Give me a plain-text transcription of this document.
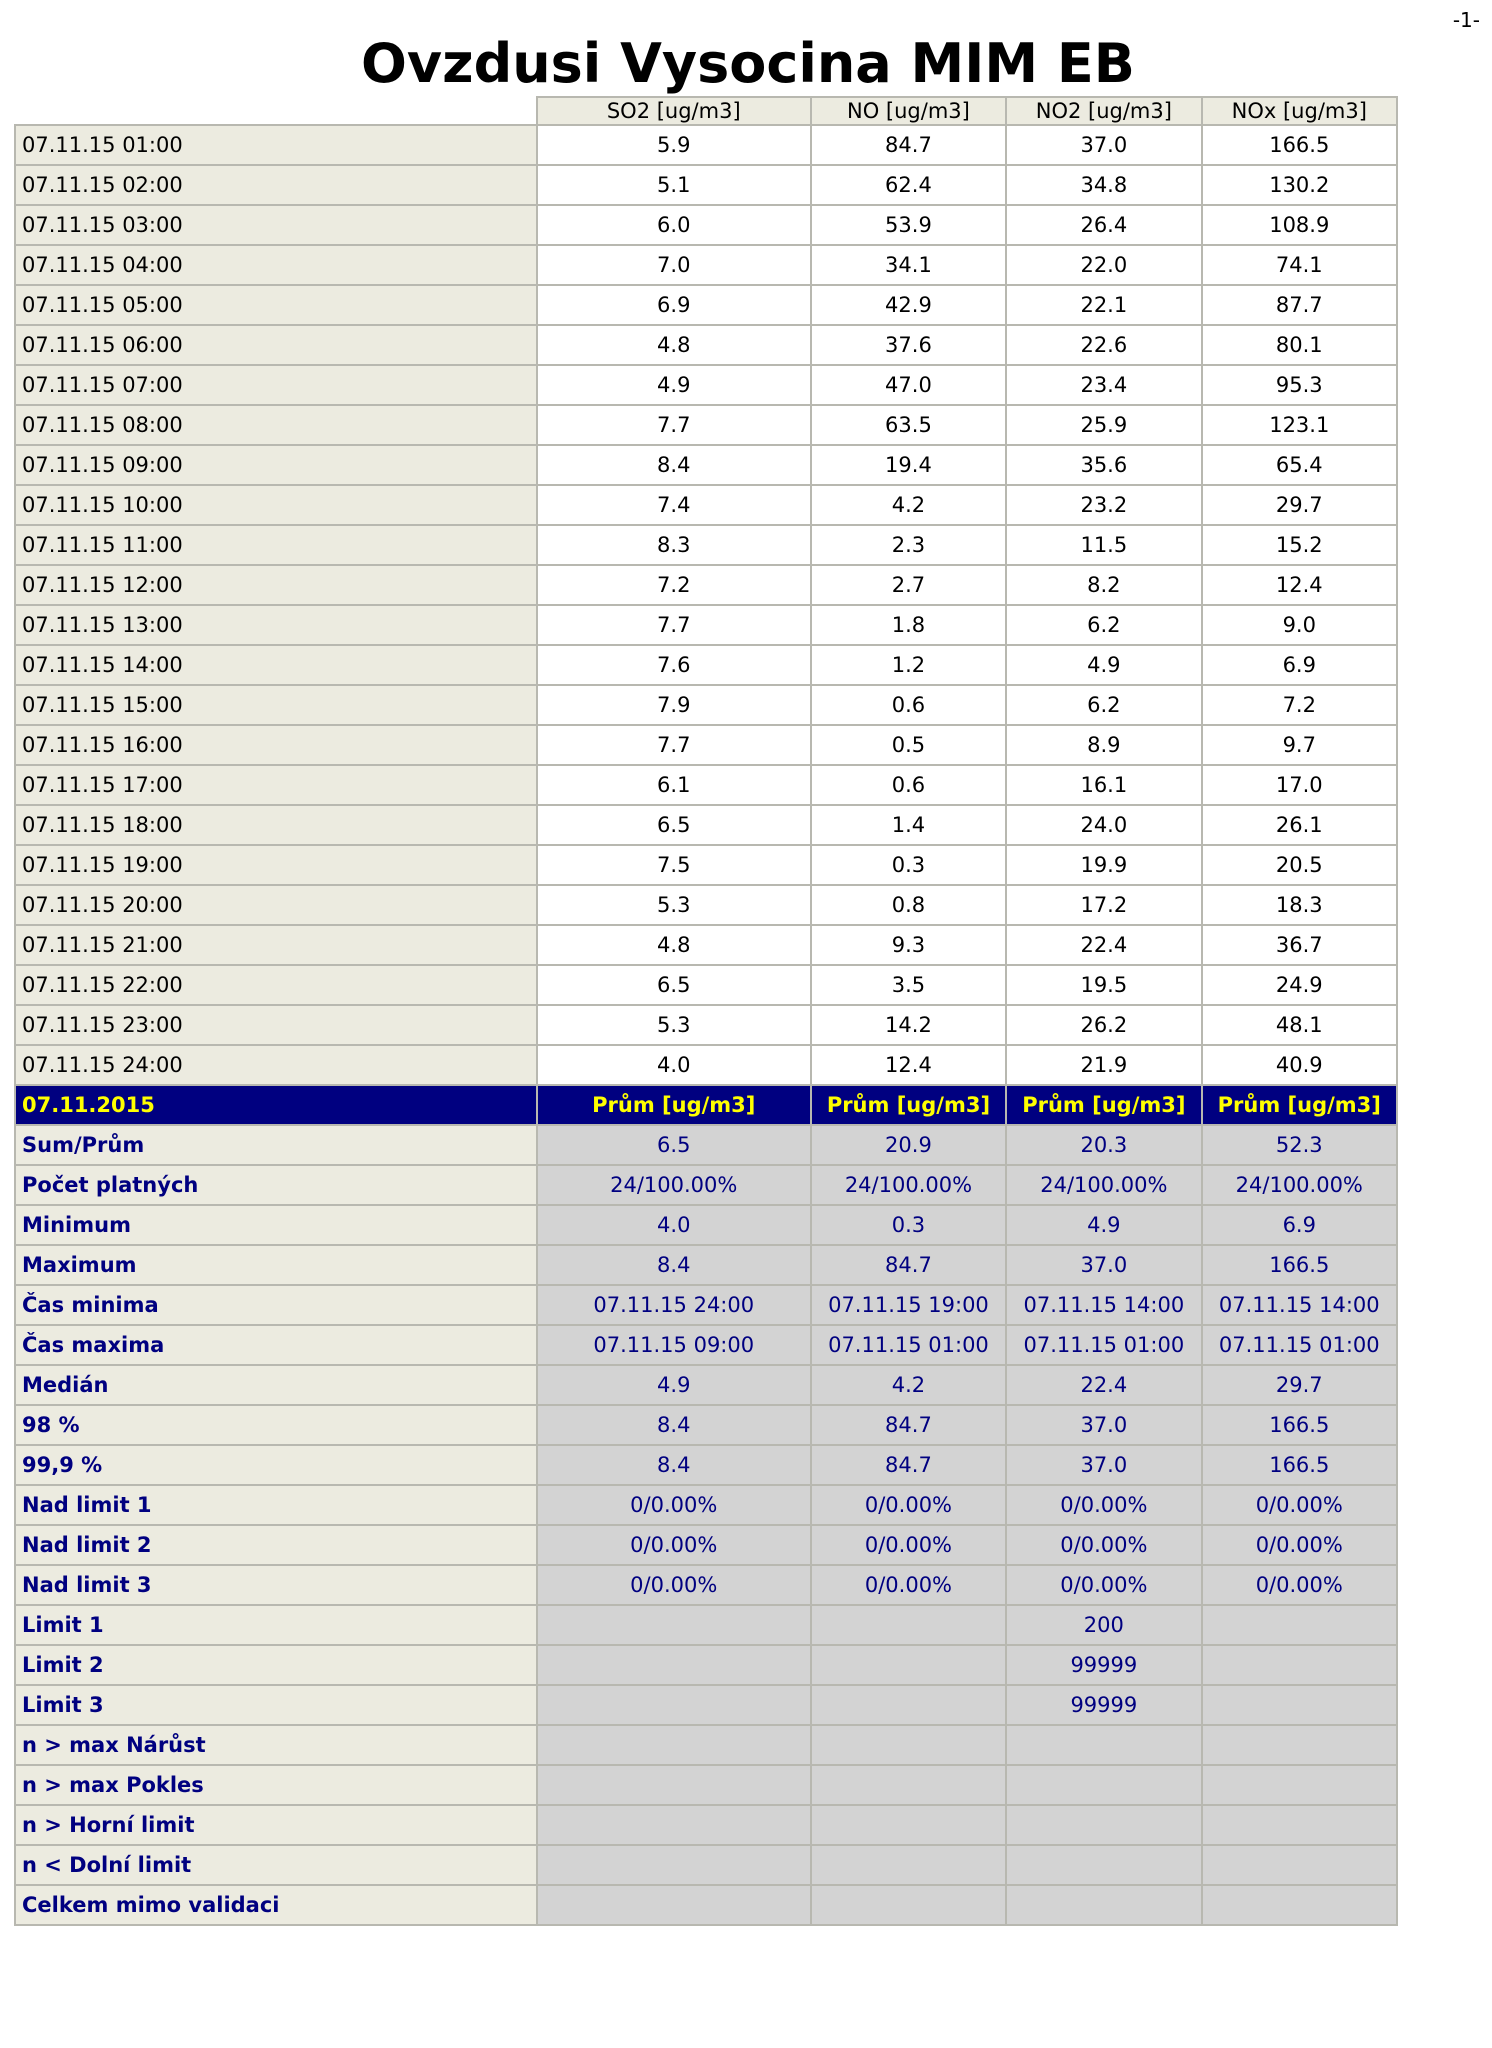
-1-
Ovzdusi Vysocina MIM EB
	SO2 [ug/m3]	NO [ug/m3]	NO2 [ug/m3]	NOx [ug/m3]
07.11.15 01:00	5.9	84.7	37.0	166.5
07.11.15 02:00	5.1	62.4	34.8	130.2
07.11.15 03:00	6.0	53.9	26.4	108.9
07.11.15 04:00	7.0	34.1	22.0	74.1
07.11.15 05:00	6.9	42.9	22.1	87.7
07.11.15 06:00	4.8	37.6	22.6	80.1
07.11.15 07:00	4.9	47.0	23.4	95.3
07.11.15 08:00	7.7	63.5	25.9	123.1
07.11.15 09:00	8.4	19.4	35.6	65.4
07.11.15 10:00	7.4	4.2	23.2	29.7
07.11.15 11:00	8.3	2.3	11.5	15.2
07.11.15 12:00	7.2	2.7	8.2	12.4
07.11.15 13:00	7.7	1.8	6.2	9.0
07.11.15 14:00	7.6	1.2	4.9	6.9
07.11.15 15:00	7.9	0.6	6.2	7.2
07.11.15 16:00	7.7	0.5	8.9	9.7
07.11.15 17:00	6.1	0.6	16.1	17.0
07.11.15 18:00	6.5	1.4	24.0	26.1
07.11.15 19:00	7.5	0.3	19.9	20.5
07.11.15 20:00	5.3	0.8	17.2	18.3
07.11.15 21:00	4.8	9.3	22.4	36.7
07.11.15 22:00	6.5	3.5	19.5	24.9
07.11.15 23:00	5.3	14.2	26.2	48.1
07.11.15 24:00	4.0	12.4	21.9	40.9
07.11.2015	Prům [ug/m3]	Prům [ug/m3]	Prům [ug/m3]	Prům [ug/m3]
Sum/Prům	6.5	20.9	20.3	52.3
Počet platných	24/100.00%	24/100.00%	24/100.00%	24/100.00%
Minimum	4.0	0.3	4.9	6.9
Maximum	8.4	84.7	37.0	166.5
Čas minima	07.11.15 24:00	07.11.15 19:00	07.11.15 14:00	07.11.15 14:00
Čas maxima	07.11.15 09:00	07.11.15 01:00	07.11.15 01:00	07.11.15 01:00
Medián	4.9	4.2	22.4	29.7
98 %	8.4	84.7	37.0	166.5
99,9 %	8.4	84.7	37.0	166.5
Nad limit 1	0/0.00%	0/0.00%	0/0.00%	0/0.00%
Nad limit 2	0/0.00%	0/0.00%	0/0.00%	0/0.00%
Nad limit 3	0/0.00%	0/0.00%	0/0.00%	0/0.00%
Limit 1			200	
Limit 2			99999	
Limit 3			99999	
n > max Nárůst				
n > max Pokles				
n > Horní limit				
n < Dolní limit				
Celkem mimo validaci				
